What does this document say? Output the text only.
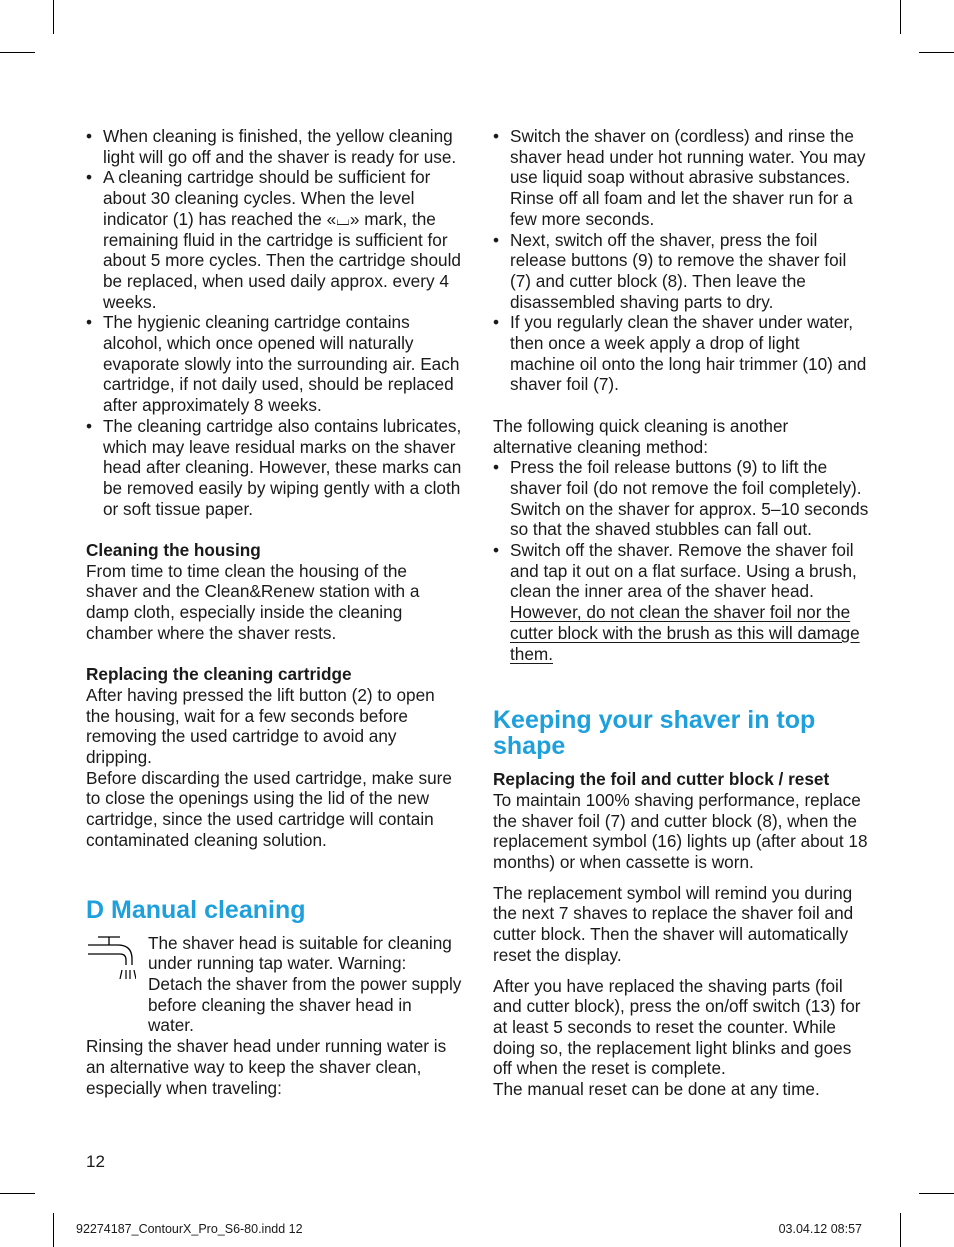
• When cleaning is finished, the yellow cleaning light will go off and the shaver is ready for use.
• A cleaning cartridge should be sufficient for about 30 cleaning cycles. When the level indicator (1) has reached the «⌴» mark, the remaining fluid in the cartridge is sufficient for about 5 more cycles. Then the cartridge should be replaced, when used daily approx. every 4 weeks.
• The hygienic cleaning cartridge contains alcohol, which once opened will naturally evaporate slowly into the surrounding air. Each cartridge, if not daily used, should be replaced after approximately 8 weeks.
• The cleaning cartridge also contains lubricates, which may leave residual marks on the shaver head after cleaning. However, these marks can be removed easily by wiping gently with a cloth or soft tissue paper.

Cleaning the housing

From time to time clean the housing of the shaver and the Clean&Renew station with a damp cloth, especially inside the cleaning chamber where the shaver rests.

Replacing the cleaning cartridge

After having pressed the lift button (2) to open the housing, wait for a few seconds before removing the used cartridge to avoid any dripping.

Before discarding the used cartridge, make sure to close the openings using the lid of the new cartridge, since the used cartridge will contain contaminated cleaning solution.

D Manual cleaning

The shaver head is suitable for cleaning under running tap water. Warning: Detach the shaver from the power supply before cleaning the shaver head in water.

Rinsing the shaver head under running water is an alternative way to keep the shaver clean, especially when traveling:

• Switch the shaver on (cordless) and rinse the shaver head under hot running water. You may use liquid soap without abrasive substances. Rinse off all foam and let the shaver run for a few more seconds.
• Next, switch off the shaver, press the foil release buttons (9) to remove the shaver foil (7) and cutter block (8). Then leave the disassembled shaving parts to dry.
• If you regularly clean the shaver under water, then once a week apply a drop of light machine oil onto the long hair trimmer (10) and shaver foil (7).

The following quick cleaning is another alternative cleaning method:

• Press the foil release buttons (9) to lift the shaver foil (do not remove the foil completely). Switch on the shaver for approx. 5–10 seconds so that the shaved stubbles can fall out.
• Switch off the shaver. Remove the shaver foil and tap it out on a flat surface. Using a brush, clean the inner area of the shaver head. However, do not clean the shaver foil nor the cutter block with the brush as this will damage them.
Keeping your shaver in top shape

Replacing the foil and cutter block / reset

To maintain 100% shaving performance, replace the shaver foil (7) and cutter block (8), when the replacement symbol (16) lights up (after about 18 months) or when cassette is worn.

The replacement symbol will remind you during the next 7 shaves to replace the shaver foil and cutter block. Then the shaver will automatically reset the display.

After you have replaced the shaving parts (foil and cutter block), press the on/off switch (13) for at least 5 seconds to reset the counter. While doing so, the replacement light blinks and goes off when the reset is complete.

The manual reset can be done at any time.

12
92274187_ContourX_Pro_S6-80.indd 12	03.04.12 08:57
